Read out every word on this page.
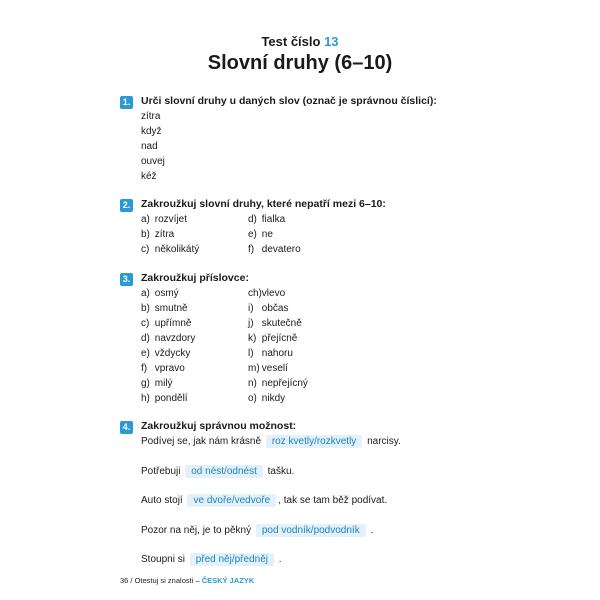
Test číslo 13
Slovní druhy (6–10)
1. Urči slovní druhy u daných slov (označ je správnou číslicí):
zítra
když
nad
ouvej
kéž
2. Zakroužkuj slovní druhy, které nepatří mezi 6–10:
a) rozvíjet
b) zítra
c) několikátý
d) fialka
e) ne
f) devatero
3. Zakroužkuj příslovce:
a) osmý
b) smutně
c) upřímně
d) navzdory
e) vždycky
f) vpravo
g) milý
h) pondělí
ch) vlevo
i) občas
j) skutečně
k) přejícně
l) nahoru
m) veselí
n) nepřejícný
o) nikdy
4. Zakroužkuj správnou možnost:
Podívej se, jak nám krásně roz kvetly/rozkvetly narcisy.
Potřebuji od nést/odnést tašku.
Auto stojí ve dvoře/vedvoře , tak se tam běž podívat.
Pozor na něj, je to pěkný pod vodník/podvodník .
Stoupni si před něj/předněj .
36 / Otestuj si znalosti – ČESKÝ JAZYK
